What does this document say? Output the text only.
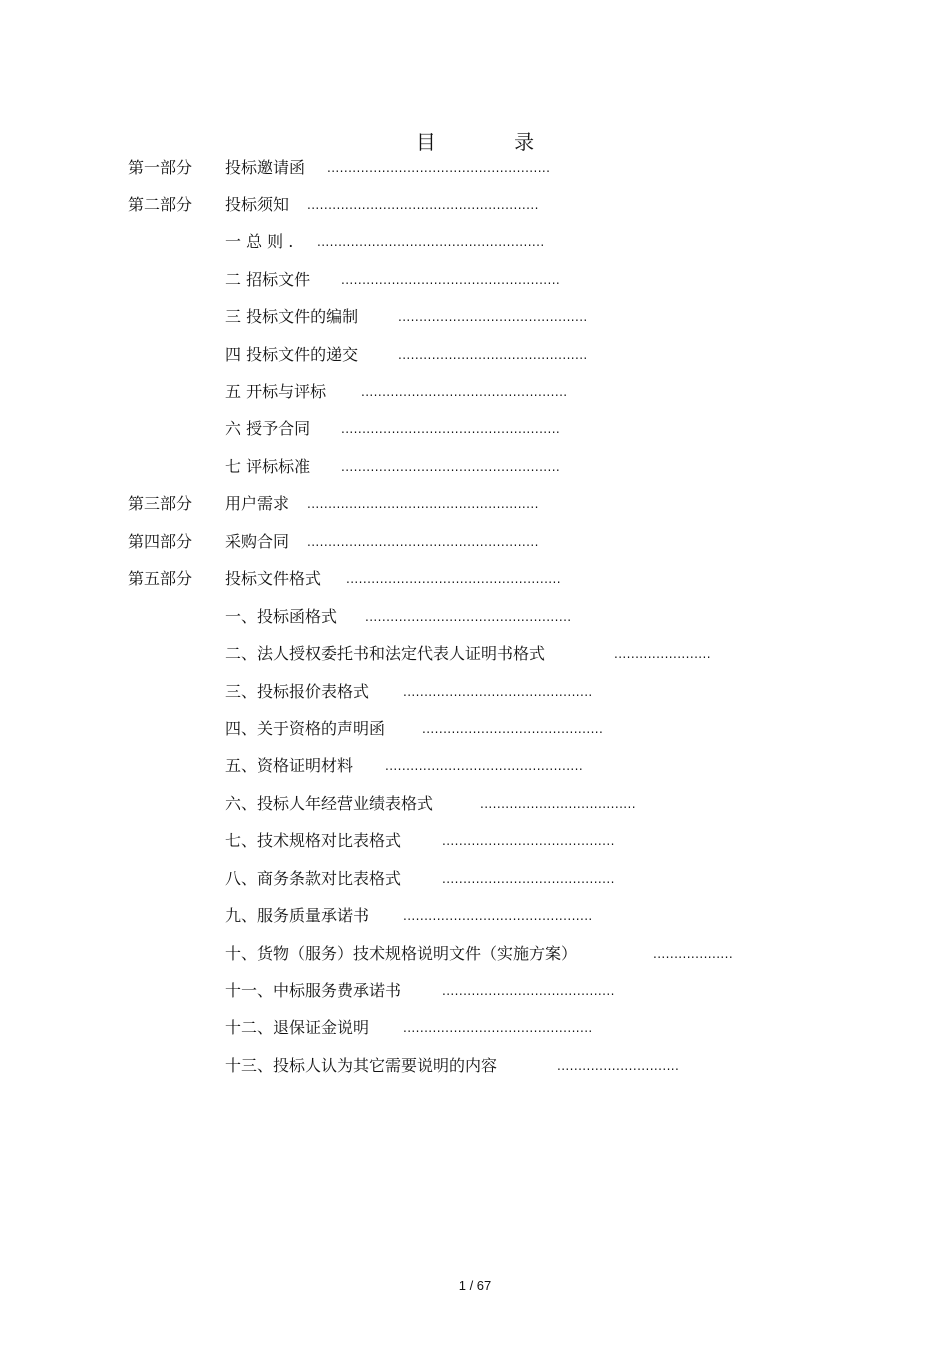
目 录
第一部分 投标邀请函 .....................................................
第二部分 投标须知 .......................................................
一 总 则 . ......................................................
二 招标文件	....................................................
三 投标文件的编制	.............................................
四 投标文件的递交	.............................................
五 开标与评标	.................................................
六 授予合同	....................................................
七 评标标准	....................................................
第三部分 用户需求 .......................................................
第四部分 采购合同 .......................................................
第五部分 投标文件格式 ...................................................
一、投标函格式 .................................................
二、法人授权委托书和法定代表人证明书格式	.......................
三、投标报价表格式	.............................................
四、关于资格的声明函	...........................................
五、资格证明材料	...............................................
六、投标人年经营业绩表格式	.....................................
七、技术规格对比表格式	.........................................
八、商务条款对比表格式	.........................................
九、服务质量承诺书	.............................................
十、货物（服务）技术规格说明文件（实施方案）	...................
十一、中标服务费承诺书	.........................................
十二、退保证金说明	.............................................
十三、投标人认为其它需要说明的内容	.............................
1 / 67
